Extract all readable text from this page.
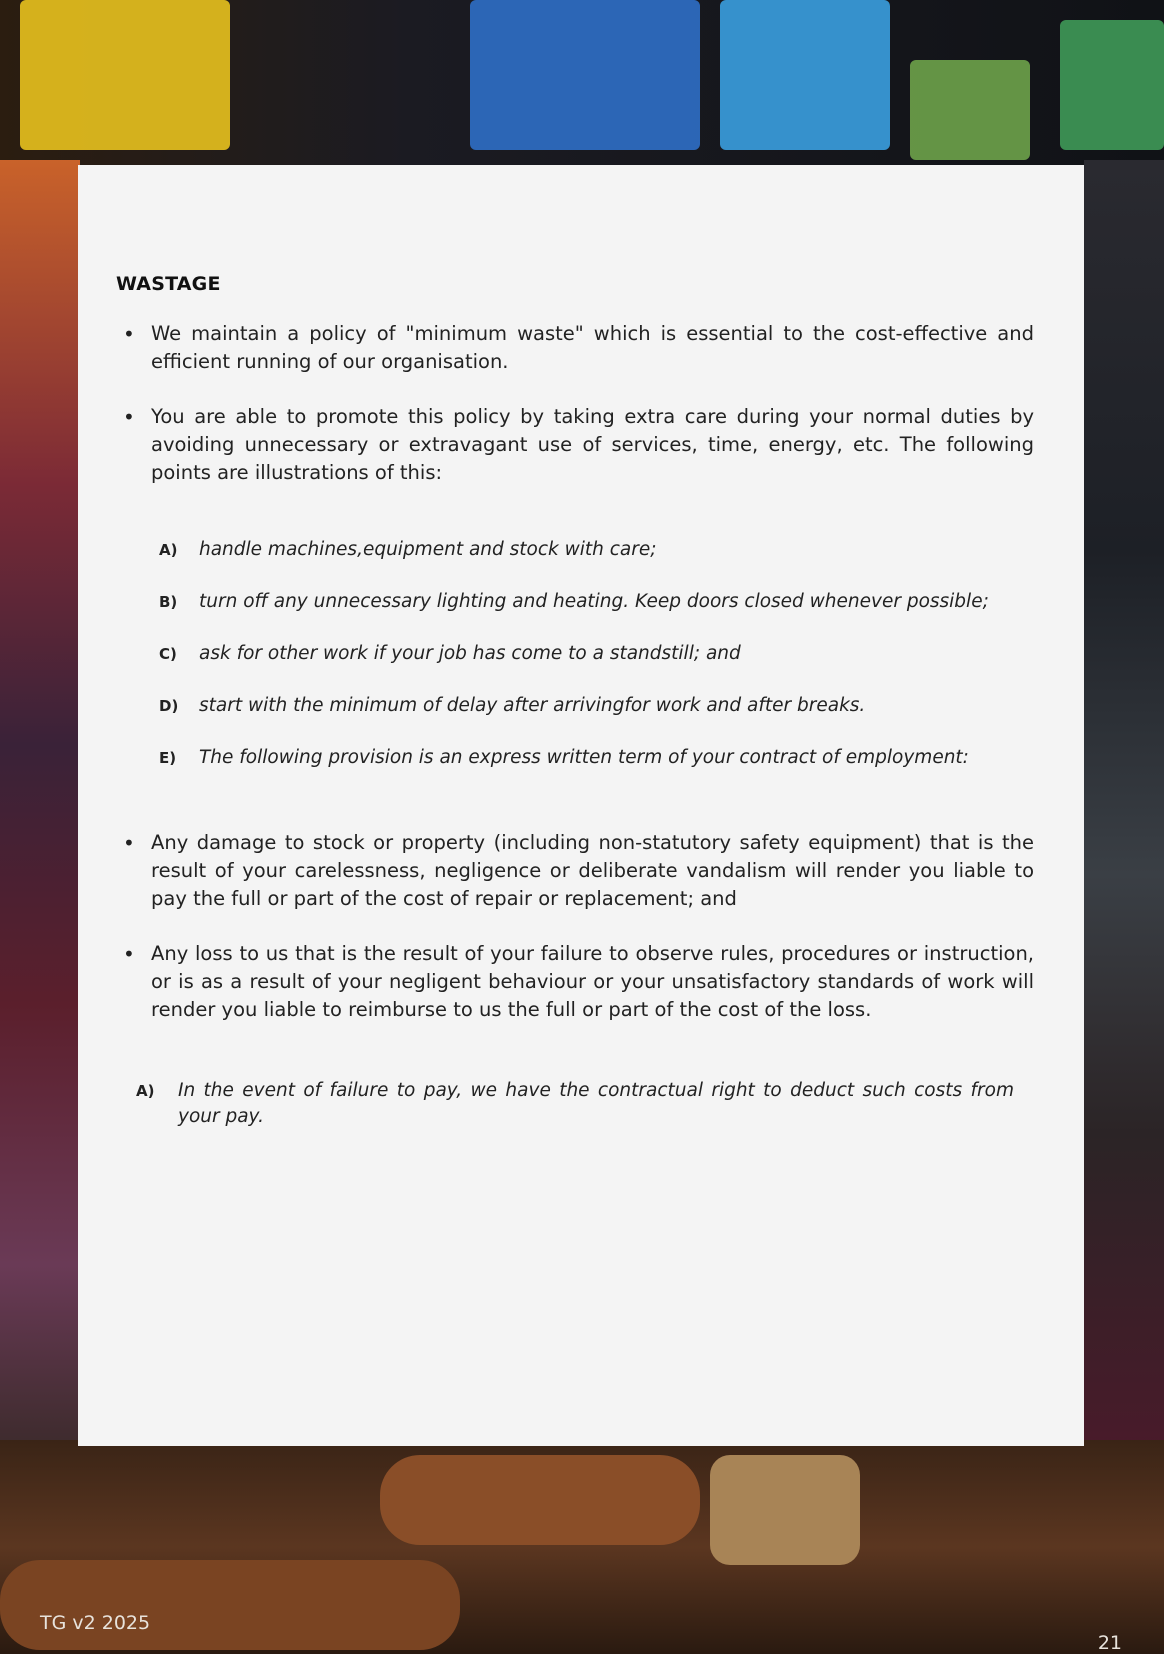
WASTAGE

• We maintain a policy of "minimum waste" which is essential to the cost-effective and efficient running of our organisation.

• You are able to promote this policy by taking extra care during your normal duties by avoiding unnecessary or extravagant use of services, time, energy, etc. The following points are illustrations of this:

A) handle machines,equipment and stock with care;
B) turn off any unnecessary lighting and heating. Keep doors closed whenever possible;
C) ask for other work if your job has come to a standstill; and
D) start with the minimum of delay after arrivingfor work and after breaks.
E) The following provision is an express written term of your contract of employment:

• Any damage to stock or property (including non-statutory safety equipment) that is the result of your carelessness, negligence or deliberate vandalism will render you liable to pay the full or part of the cost of repair or replacement; and

• Any loss to us that is the result of your failure to observe rules, procedures or instruction, or is as a result of your negligent behaviour or your unsatisfactory standards of work will render you liable to reimburse to us the full or part of the cost of the loss.

A) In the event of failure to pay, we have the contractual right to deduct such costs from your pay.
TG v2 2025
21
